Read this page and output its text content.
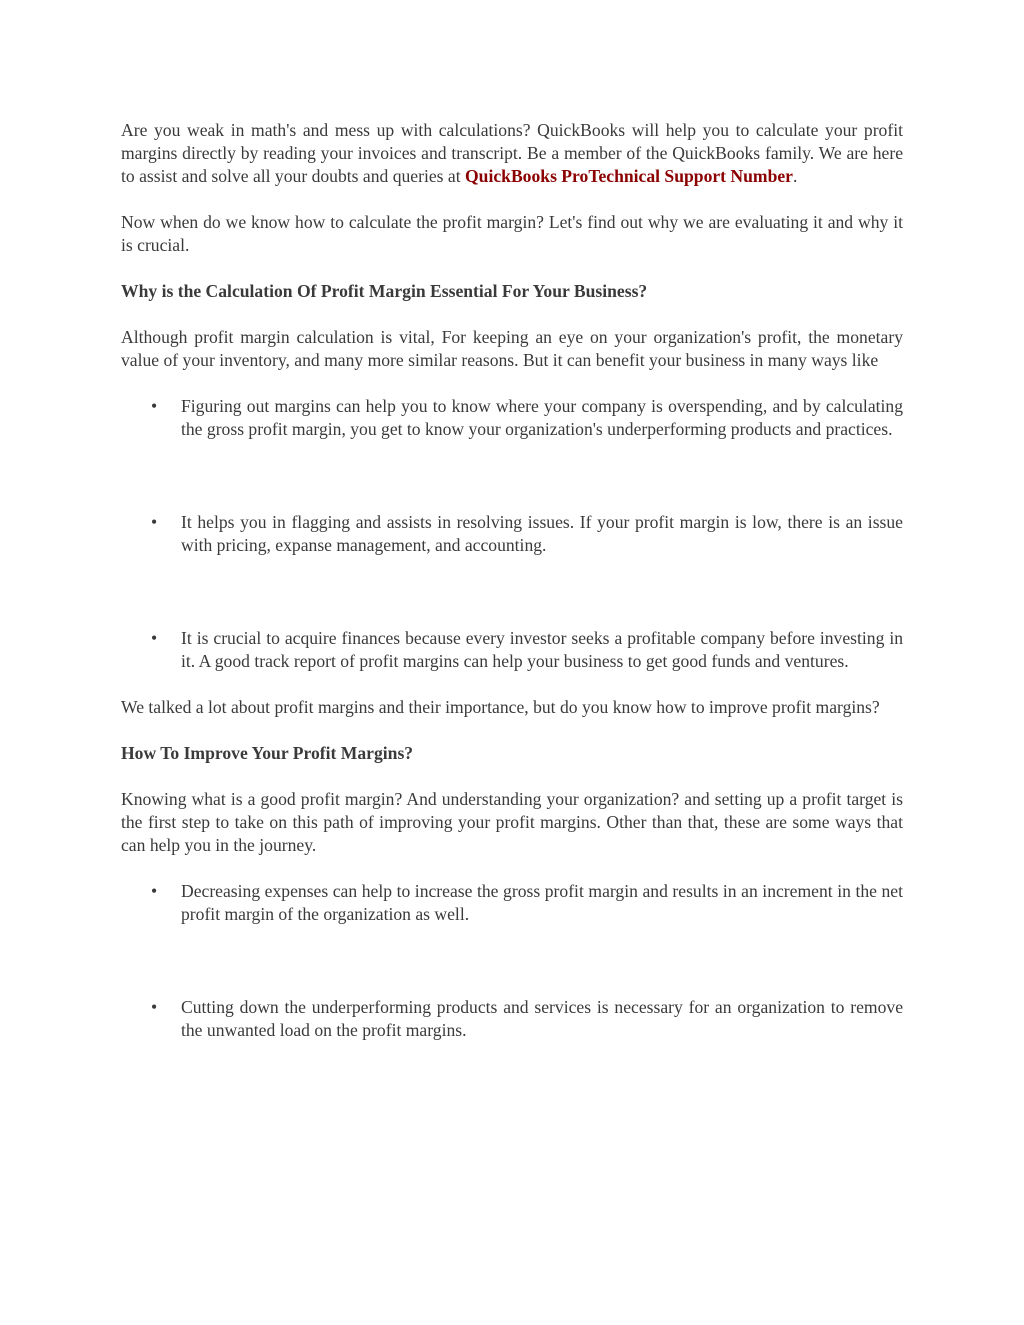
Are you weak in math's and mess up with calculations? QuickBooks will help you to calculate your profit margins directly by reading your invoices and transcript. Be a member of the QuickBooks family. We are here to assist and solve all your doubts and queries at QuickBooks ProTechnical Support Number.

Now when do we know how to calculate the profit margin? Let's find out why we are evaluating it and why it is crucial.

Why is the Calculation Of Profit Margin Essential For Your Business?

Although profit margin calculation is vital, For keeping an eye on your organization's profit, the monetary value of your inventory, and many more similar reasons. But it can benefit your business in many ways like

• Figuring out margins can help you to know where your company is overspending, and by calculating the gross profit margin, you get to know your organization's underperforming products and practices.

• It helps you in flagging and assists in resolving issues. If your profit margin is low, there is an issue with pricing, expanse management, and accounting.

• It is crucial to acquire finances because every investor seeks a profitable company before investing in it. A good track report of profit margins can help your business to get good funds and ventures.

We talked a lot about profit margins and their importance, but do you know how to improve profit margins?

How To Improve Your Profit Margins?

Knowing what is a good profit margin? And understanding your organization? and setting up a profit target is the first step to take on this path of improving your profit margins. Other than that, these are some ways that can help you in the journey.

• Decreasing expenses can help to increase the gross profit margin and results in an increment in the net profit margin of the organization as well.

• Cutting down the underperforming products and services is necessary for an organization to remove the unwanted load on the profit margins.
